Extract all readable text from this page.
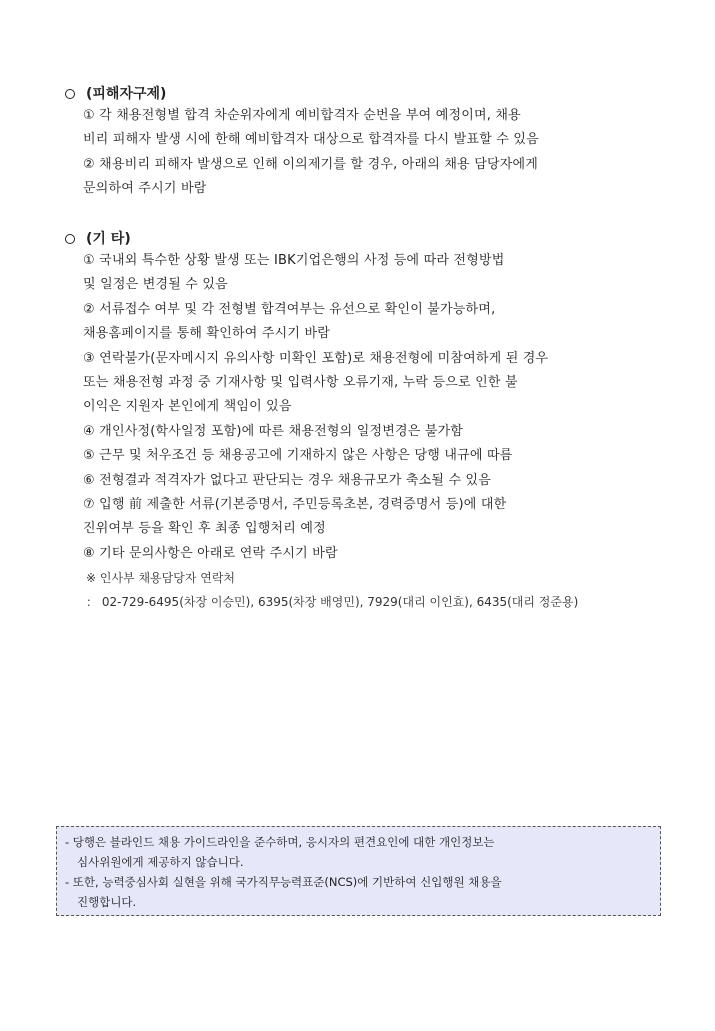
(피해자구제)
① 각 채용전형별 합격 차순위자에게 예비합격자 순번을 부여 예정이며, 채용
비리 피해자 발생 시에 한해 예비합격자 대상으로 합격자를 다시 발표할 수 있음
② 채용비리 피해자 발생으로 인해 이의제기를 할 경우, 아래의 채용 담당자에게
문의하여 주시기 바람
(기 타)
① 국내외 특수한 상황 발생 또는 IBK기업은행의 사정 등에 따라 전형방법
및 일정은 변경될 수 있음
② 서류접수 여부 및 각 전형별 합격여부는 유선으로 확인이 불가능하며,
채용홈페이지를 통해 확인하여 주시기 바람
③ 연락불가(문자메시지 유의사항 미확인 포함)로 채용전형에 미참여하게 된 경우
또는 채용전형 과정 중 기재사항 및 입력사항 오류기재, 누락 등으로 인한 불
이익은 지원자 본인에게 책임이 있음
④ 개인사정(학사일정 포함)에 따른 채용전형의 일정변경은 불가함
⑤ 근무 및 처우조건 등 채용공고에 기재하지 않은 사항은 당행 내규에 따름
⑥ 전형결과 적격자가 없다고 판단되는 경우 채용규모가 축소될 수 있음
⑦ 입행 前 제출한 서류(기본증명서, 주민등록초본, 경력증명서 등)에 대한
진위여부 등을 확인 후 최종 입행처리 예정
⑧ 기타 문의사항은 아래로 연락 주시기 바람
※ 인사부 채용담당자 연락처
： 02-729-6495(차장 이승민), 6395(차장 배영민), 7929(대리 이인효), 6435(대리 정준용)
- 당행은 블라인드 채용 가이드라인을 준수하며, 응시자의 편견요인에 대한 개인정보는
심사위원에게 제공하지 않습니다.
- 또한, 능력중심사회 실현을 위해 국가직무능력표준(NCS)에 기반하여 신입행원 채용을
진행합니다.
